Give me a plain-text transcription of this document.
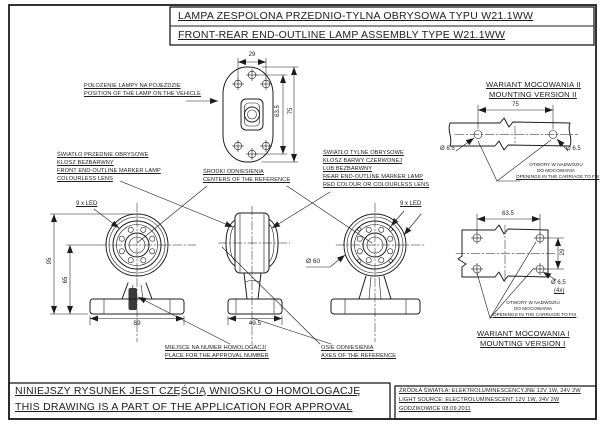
LAMPA ZESPOLONA PRZEDNIO-TYLNA OBRYSOWA TYPU W21.1WW
FRONT-REAR END-OUTLINE LAMP ASSEMBLY TYPE W21.1WW
POŁOŻENIE LAMPY NA POJEŹDZIE
POSITION OF THE LAMP ON THE VEHICLE
ŚWIATŁO PRZEDNIE OBRYSOWE
KLOSZ BEZBARWNY
FRONT END-OUTLINE MARKER LAMP
COLOURLESS LENS
ŚRODKI ODNIESIENIA
CENTERS OF THE REFERENCE
ŚWIATŁO TYLNE OBRYSOWE
KLOSZ BARWY CZERWONEJ
LUB BEZBARWNY
REAR END-OUTLINE MARKER LAMP
RED COLOUR OR COLOURLESS LENS
9 x LED	9 x LED
Ø 60
MIEJSCE NA NUMER HOMOLOGACJI
PLACE FOR THE APPROVAL NUMBER
OSIE ODNIESIENIA
AXES OF THE REFERENCE
29
63.5 75
95
65
89	49.5
WARIANT MOCOWANIA II
MOUNTING VERSION II
75
Ø 6.5	Ø 6.5
OTWORY W NADWOZIU
DO MOCOWANIA
OPENINGS IN THE CARRIAGE TO FIX
63.5
29
Ø 6.5
(4x)
OTWORY W NADWOZIU
DO MOCOWANIA
OPENINGS IN THE CARRIAGE TO FIX
WARIANT MOCOWANIA I
MOUNTING VERSION I
NINIEJSZY RYSUNEK JEST CZĘŚCIĄ WNIOSKU O HOMOLOGACJĘ
THIS DRAWING IS A PART OF THE APPLICATION FOR APPROVAL
ŹRÓDŁA ŚWIATŁA: ELEKTROLUMINESCENCYJNE 12V 1W, 24V 2W
LIGHT SOURCE: ELECTROLUMINESCENT 12V 1W, 24V 2W
GODZIKOWICE 08.09.2011
